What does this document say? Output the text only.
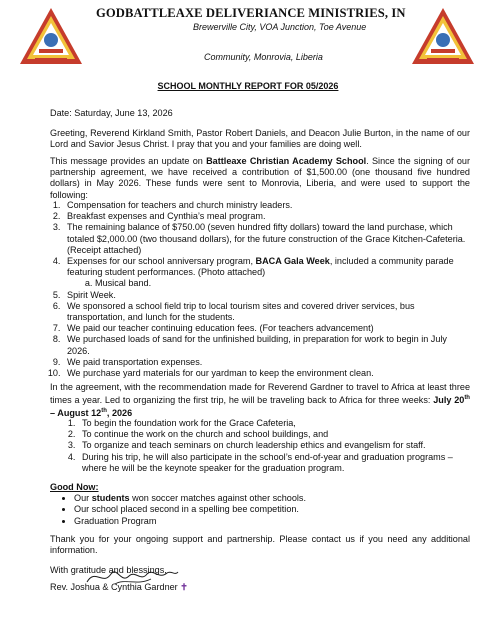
GODBATTLEAXE DELIVERIANCE MINISTRIES, IN
Brewerville City, VOA Junction, Toe Avenue
Community, Monrovia, Liberia
SCHOOL MONTHLY REPORT FOR 05/2026
Date: Saturday, June 13, 2026
Greeting, Reverend Kirkland Smith, Pastor Robert Daniels, and Deacon Julie Burton, in the name of our Lord and Savior Jesus Christ. I pray that you and your families are doing well.
This message provides an update on Battleaxe Christian Academy School. Since the signing of our partnership agreement, we have received a contribution of $1,500.00 (one thousand five hundred dollars) in May 2026. These funds were sent to Monrovia, Liberia, and were used to support the following:
1. Compensation for teachers and church ministry leaders.
2. Breakfast expenses and Cynthia’s meal program.
3. The remaining balance of $750.00 (seven hundred fifty dollars) toward the land purchase, which totaled $2,000.00 (two thousand dollars), for the future construction of the Grace Kitchen-Cafeteria. (Receipt attached)
4. Expenses for our school anniversary program, BACA Gala Week, included a community parade featuring student performances. (Photo attached)
a. Musical band.
5. Spirit Week.
6. We sponsored a school field trip to local tourism sites and covered driver services, bus transportation, and lunch for the students.
7. We paid our teacher continuing education fees. (For teachers advancement)
8. We purchased loads of sand for the unfinished building, in preparation for work to begin in July 2026.
9. We paid transportation expenses.
10. We purchase yard materials for our yardman to keep the environment clean.
In the agreement, with the recommendation made for Reverend Gardner to travel to Africa at least three times a year. Led to organizing the first trip, he will be traveling back to Africa for three weeks: July 20th – August 12th, 2026
1. To begin the foundation work for the Grace Cafeteria,
2. To continue the work on the church and school buildings, and
3. To organize and teach seminars on church leadership ethics and evangelism for staff.
4. During his trip, he will also participate in the school’s end-of-year and graduation programs – where he will be the keynote speaker for the graduation program.

Good Now:

• Our students won soccer matches against other schools.
• Our school placed second in a spelling bee competition.
• Graduation Program
Thank you for your ongoing support and partnership. Please contact us if you need any additional information.
With gratitude and blessings,
Rev. Joshua & Cynthia Gardner ✝
